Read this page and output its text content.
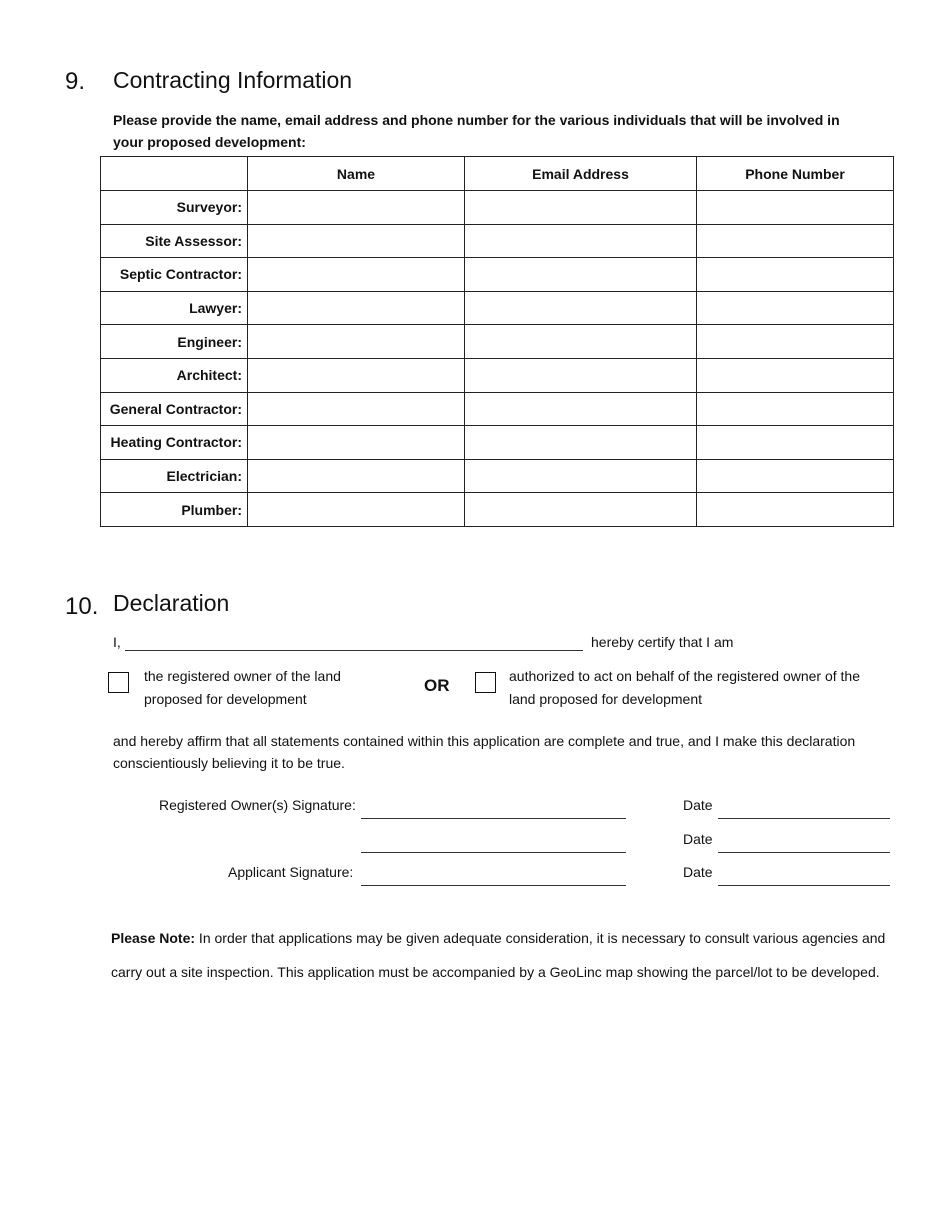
9. Contracting Information
Please provide the name, email address and phone number for the various individuals that will be involved in your proposed development:
	Name	Email Address	Phone Number
Surveyor:			
Site Assessor:			
Septic Contractor:			
Lawyer:			
Engineer:			
Architect:			
General Contractor:			
Heating Contractor:			
Electrician:			
Plumber:			
10. Declaration
I,	hereby certify that I am
the registered owner of the land
proposed for development
OR	authorized to act on behalf of the registered owner of the
land proposed for development
and hereby affirm that all statements contained within this application are complete and true, and I make this declaration conscientiously believing it to be true.
Registered Owner(s) Signature:	Date
Date
Applicant Signature:	Date
Please Note: In order that applications may be given adequate consideration, it is necessary to consult various agencies and carry out a site inspection. This application must be accompanied by a GeoLinc map showing the parcel/lot to be developed.
